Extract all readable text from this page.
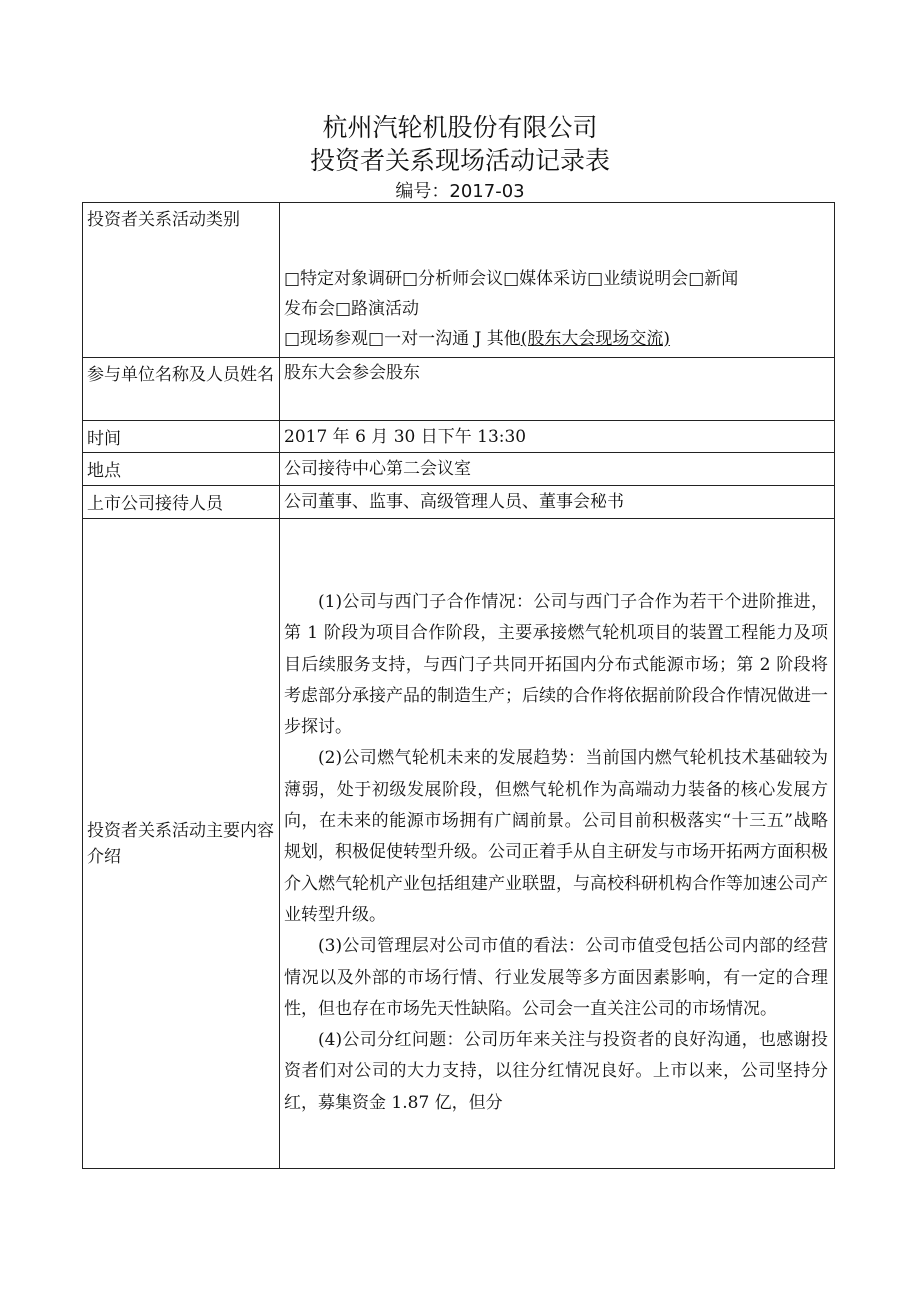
杭州汽轮机股份有限公司
投资者关系现场活动记录表
编号：2017-03
投资者关系活动类别	□特定对象调研□分析师会议□媒体采访□业绩说明会□新闻
发布会□路演活动
□现场参观□一对一沟通 J 其他(股东大会现场交流)

参与单位名称及人员姓名	股东大会参会股东
时间	2017 年 6 月 30 日下午 13:30
地点	公司接待中心第二会议室
上市公司接待人员	公司董事、监事、高级管理人员、董事会秘书
投资者关系活动主要内容介绍	(1)公司与西门子合作情况：公司与西门子合作为若干个进阶推进，第 1 阶段为项目合作阶段，主要承接燃气轮机项目的装置工程能力及项目后续服务支持，与西门子共同开拓国内分布式能源市场；第 2 阶段将考虑部分承接产品的制造生产；后续的合作将依据前阶段合作情况做进一步探讨。

(2)公司燃气轮机未来的发展趋势：当前国内燃气轮机技术基础较为薄弱，处于初级发展阶段，但燃气轮机作为高端动力装备的核心发展方向，在未来的能源市场拥有广阔前景。公司目前积极落实“十三五”战略规划，积极促使转型升级。公司正着手从自主研发与市场开拓两方面积极介入燃气轮机产业包括组建产业联盟，与高校科研机构合作等加速公司产业转型升级。

(3)公司管理层对公司市值的看法：公司市值受包括公司内部的经营情况以及外部的市场行情、行业发展等多方面因素影响，有一定的合理性，但也存在市场先天性缺陷。公司会一直关注公司的市场情况。

(4)公司分红问题：公司历年来关注与投资者的良好沟通，也感谢投资者们对公司的大力支持，以往分红情况良好。上市以来，公司坚持分红，募集资金 1.87 亿，但分
